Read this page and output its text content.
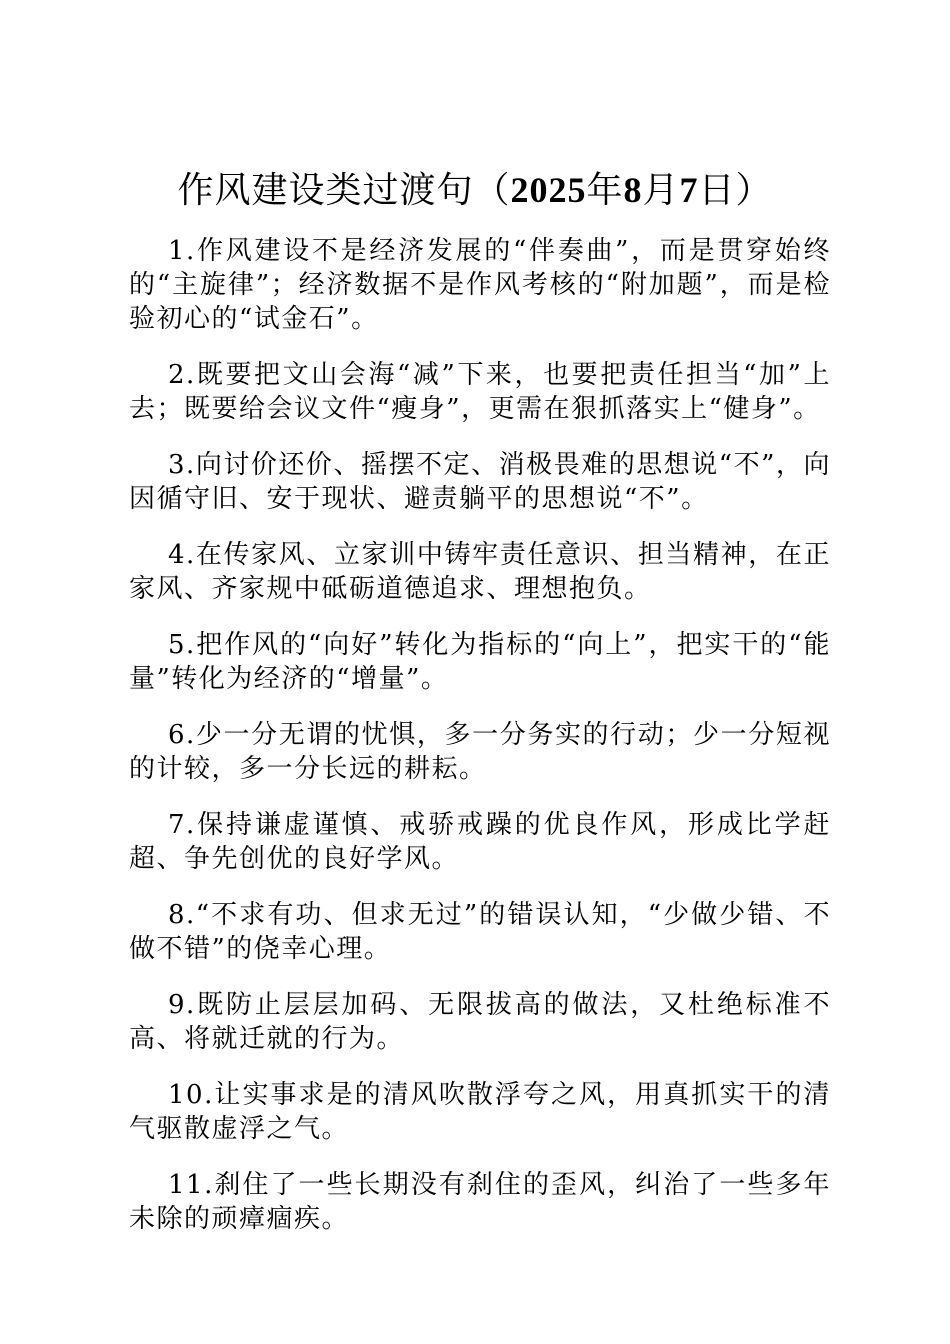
作风建设类过渡句（2025年8月7日）

1.作风建设不是经济发展的“伴奏曲”，而是贯穿始终的“主旋律”；经济数据不是作风考核的“附加题”，而是检验初心的“试金石”。

2.既要把文山会海“减”下来，也要把责任担当“加”上去；既要给会议文件“瘦身”，更需在狠抓落实上“健身”。

3.向讨价还价、摇摆不定、消极畏难的思想说“不”，向因循守旧、安于现状、避责躺平的思想说“不”。

4.在传家风、立家训中铸牢责任意识、担当精神，在正家风、齐家规中砥砺道德追求、理想抱负。

5.把作风的“向好”转化为指标的“向上”，把实干的“能量”转化为经济的“增量”。

6.少一分无谓的忧惧，多一分务实的行动；少一分短视的计较，多一分长远的耕耘。

7.保持谦虚谨慎、戒骄戒躁的优良作风，形成比学赶超、争先创优的良好学风。

8.“不求有功、但求无过”的错误认知，“少做少错、不做不错”的侥幸心理。

9.既防止层层加码、无限拔高的做法，又杜绝标准不高、将就迁就的行为。

10.让实事求是的清风吹散浮夸之风，用真抓实干的清气驱散虚浮之气。

11.刹住了一些长期没有刹住的歪风，纠治了一些多年未除的顽瘴痼疾。
